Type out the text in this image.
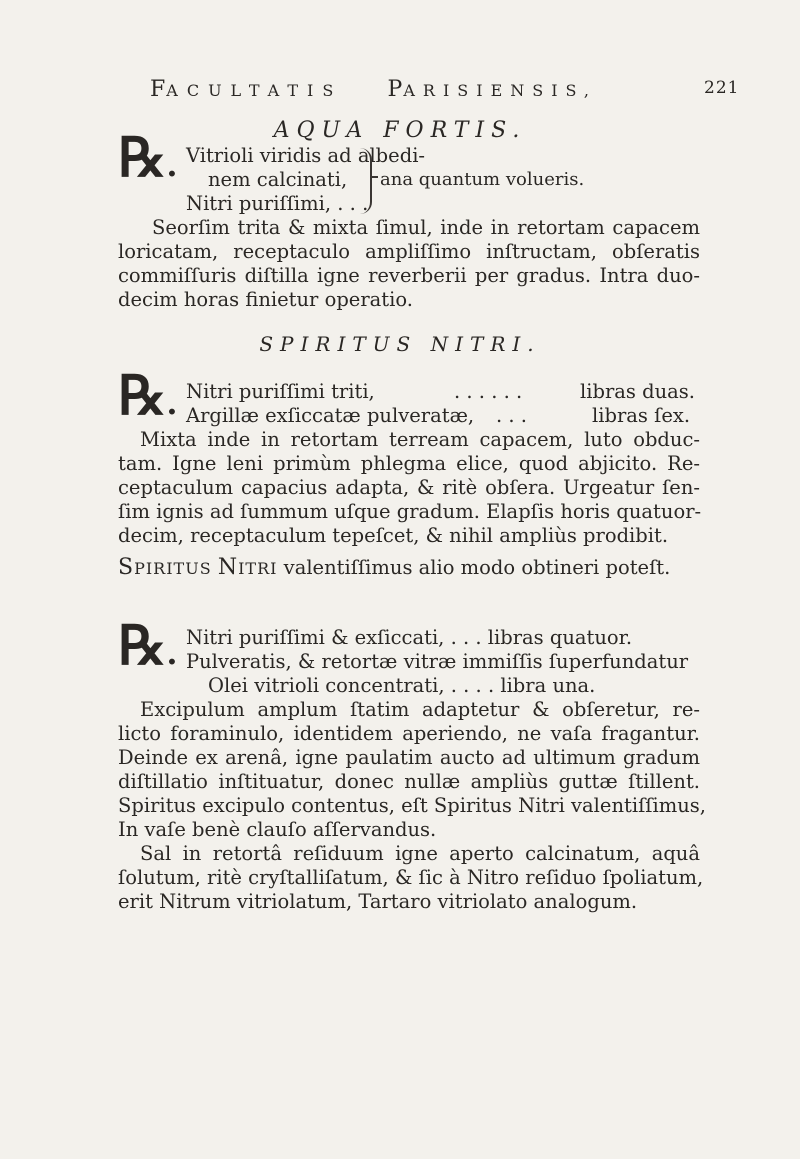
FACULTATIS PARISIENSIS,	221
AQUA FORTIS.
℞ .	Vitrioli viridis ad albedi-
nem calcinati,
Nitri puriſſimi, . . .
ana quantum volueris.
Seorſim trita & mixta ſimul, inde in retortam capacem
loricatam, receptaculo ampliſſimo inſtructam, obſeratis
commiſſuris diſtilla igne reverberii per gradus. Intra duo-
decim horas finietur operatio.
SPIRITUS NITRI.
℞ .	Nitri puriſſimi triti,	. . . . . .	libras duas.
Argillæ exſiccatæ pulveratæ, . . .	libras ſex.
Mixta inde in retortam terream capacem, luto obduc-
tam. Igne leni primùm phlegma elice, quod abjicito. Re-
ceptaculum capacius adapta, & ritè obſera. Urgeatur ſen-
ſim ignis ad ſummum uſque gradum. Elapſis horis quatuor-
decim, receptaculum tepeſcet, & nihil ampliùs prodibit.
SPIRITUS NITRI valentiſſimus alio modo obtineri poteſt.
℞ .	Nitri puriſſimi & exſiccati, . . . libras quatuor.
Pulveratis, & retortæ vitræ immiſſis ſuperfundatur
Olei vitrioli concentrati, . . . . libra una.
Excipulum amplum ſtatim adaptetur & obſeretur, re-
licto foraminulo, identidem aperiendo, ne vaſa fragantur.
Deinde ex arenâ, igne paulatim aucto ad ultimum gradum
diſtillatio inſtituatur, donec nullæ ampliùs guttæ ſtillent.
Spiritus excipulo contentus, eſt Spiritus Nitri valentiſſimus,
In vaſe benè clauſo aſſervandus.
Sal in retortâ reſiduum igne aperto calcinatum, aquâ
ſolutum, ritè cryſtalliſatum, & ſic à Nitro reſiduo ſpoliatum,
erit Nitrum vitriolatum, Tartaro vitriolato analogum.
